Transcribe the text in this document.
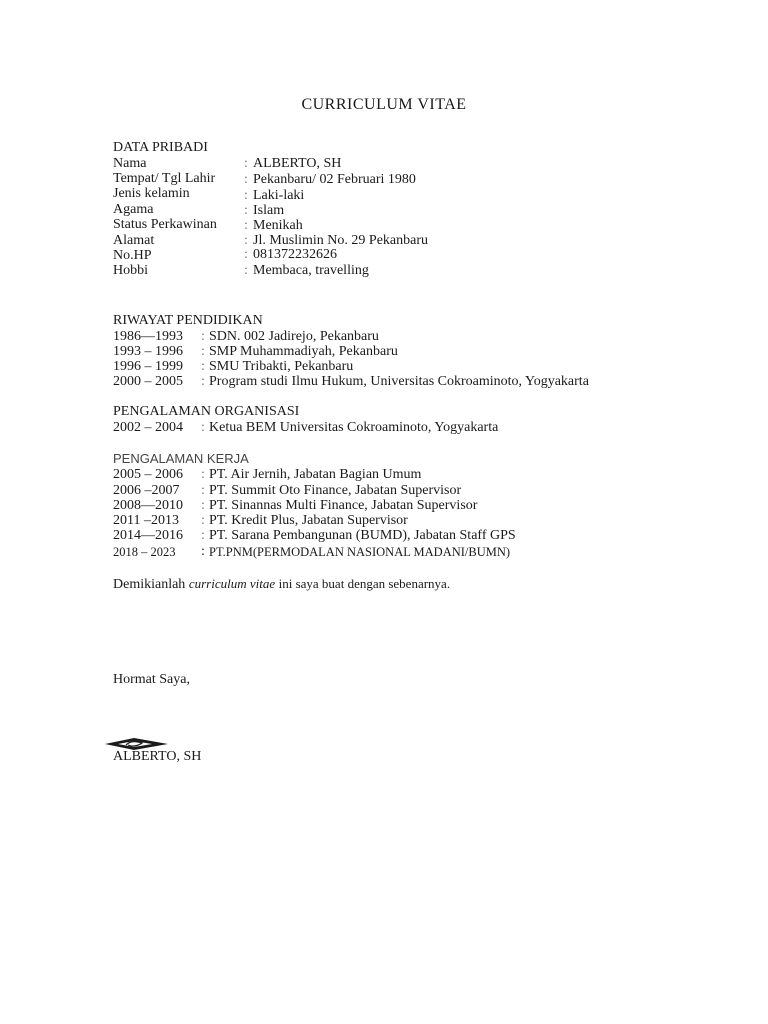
CURRICULUM VITAE
DATA PRIBADI
Nama	: ALBERTO, SH
Tempat/ Tgl Lahir : Pekanbaru/ 02 Februari 1980
Jenis kelamin	: Laki-laki
Agama	: Islam
Status Perkawinan : Menikah
Alamat	: Jl. Muslimin No. 29 Pekanbaru
No.HP	: 081372232626
Hobbi	: Membaca, travelling
RIWAYAT PENDIDIKAN
1986—1993 : SDN. 002 Jadirejo, Pekanbaru
1993 – 1996 : SMP Muhammadiyah, Pekanbaru
1996 – 1999 : SMU Tribakti, Pekanbaru
2000 – 2005 : Program studi Ilmu Hukum, Universitas Cokroaminoto, Yogyakarta
PENGALAMAN ORGANISASI
2002 – 2004 : Ketua BEM Universitas Cokroaminoto, Yogyakarta
PENGALAMAN KERJA
2005 – 2006 : PT. Air Jernih, Jabatan Bagian Umum
2006 –2007 : PT. Summit Oto Finance, Jabatan Supervisor
2008—2010 : PT. Sinannas Multi Finance, Jabatan Supervisor
2011 –2013 : PT. Kredit Plus, Jabatan Supervisor
2014—2016 : PT. Sarana Pembangunan (BUMD), Jabatan Staff GPS
2018 – 2023 : PT.PNM(PERMODALAN NASIONAL MADANI/BUMN)
Demikianlah curriculum vitae ini saya buat dengan sebenarnya.
Hormat Saya,
ALBERTO, SH
